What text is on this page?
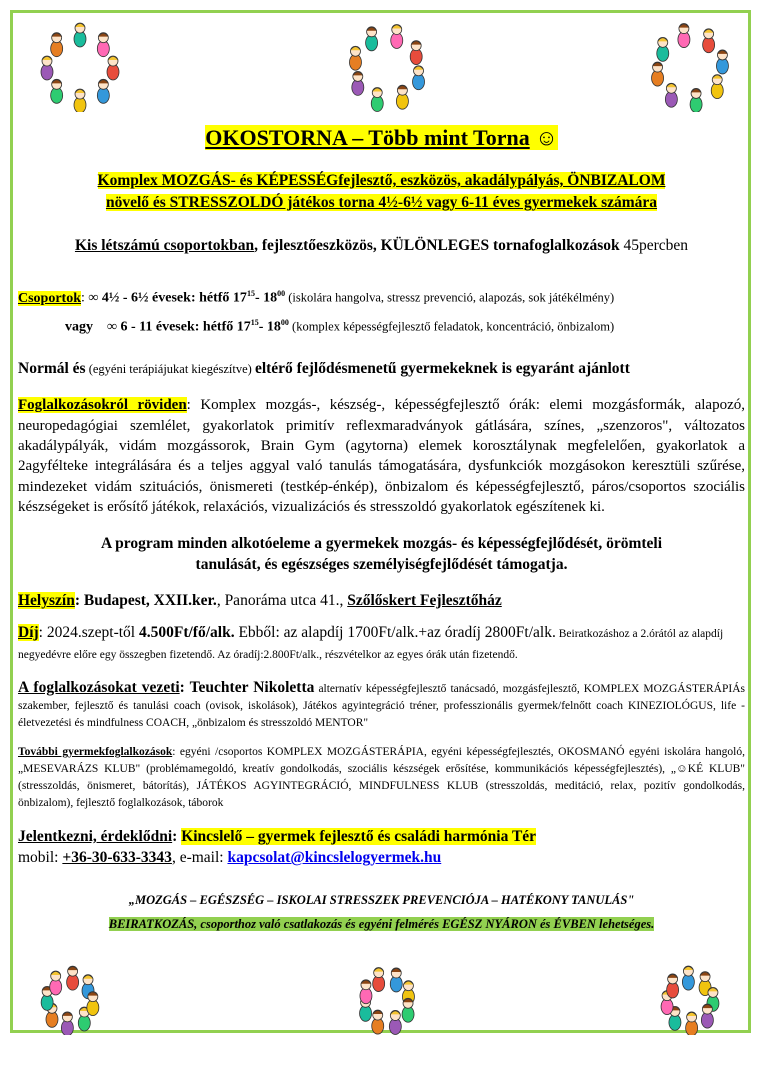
OKOSTORNA – Több mint Torna ☺

Komplex MOZGÁS- és KÉPESSÉGfejlesztő, eszközös, akadálypályás, ÖNBIZALOM
növelő és STRESSZOLDÓ játékos torna 4½-6½ vagy 6-11 éves gyermekek számára

Kis létszámú csoportokban, fejlesztőeszközös, KÜLÖNLEGES tornafoglalkozások 45percben

Csoportok: ∞ 4½ - 6½ évesek: hétfő $17^{15}-$ $18^{00}$ (iskolára hangolva, stressz prevenció, alapozás, sok játékélmény)

vagy ∞ 6 - 11 évesek: hétfő $17^{15}-$ $18^{00}$ (komplex képességfejlesztő feladatok, koncentráció, önbizalom)

Normál és (egyéni terápiájukat kiegészítve) eltérő fejlődésmenetű gyermekeknek is egyaránt ajánlott

Foglalkozásokról röviden: Komplex mozgás-, készség-, képességfejlesztő órák: elemi mozgásformák, alapozó, neuropedagógiai szemlélet, gyakorlatok primitív reflexmaradványok gátlására, színes, „szenzoros", változatos akadálypályák, vidám mozgássorok, Brain Gym (agytorna) elemek korosztálynak megfelelően, gyakorlatok a 2agyfélteke integrálására és a teljes aggyal való tanulás támogatására, dysfunkciók mozgásokon keresztüli szűrése, mindezeket vidám szituációs, önismereti (testkép-énkép), önbizalom és képességfejlesztő, páros/csoportos szociális készségeket is erősítő játékok, relaxációs, vizualizációs és stresszoldó gyakorlatok egészítenek ki.

A program minden alkotóeleme a gyermekek mozgás- és képességfejlődését, örömteli
tanulását, és egészséges személyiségfejlődését támogatja.

Helyszín: Budapest, XXII.ker., Panoráma utca 41., Szőlőskert Fejlesztőház

Díj: 2024.szept-től 4.500Ft/fő/alk. Ebből: az alapdíj 1700Ft/alk.+az óradíj 2800Ft/alk. Beiratkozáshoz a 2.órától az alapdíj negyedévre előre egy összegben fizetendő. Az óradíj:2.800Ft/alk., részvételkor az egyes órák után fizetendő.

A foglalkozásokat vezeti: Teuchter Nikoletta alternatív képességfejlesztő tanácsadó, mozgásfejlesztő, KOMPLEX MOZGÁSTERÁPIÁs szakember, fejlesztő és tanulási coach (ovisok, iskolások), Játékos agyintegráció tréner, professzionális gyermek/felnőtt coach KINEZIOLÓGUS, life - életvezetési és mindfulness COACH, „önbizalom és stresszoldó MENTOR"

További gyermekfoglalkozások: egyéni /csoportos KOMPLEX MOZGÁSTERÁPIA, egyéni képességfejlesztés, OKOSMANÓ egyéni iskolára hangoló, „MESEVARÁZS KLUB" (problémamegoldó, kreatív gondolkodás, szociális készségek erősítése, kommunikációs képességfejlesztés), „☺KÉ KLUB" (stresszoldás, önismeret, bátorítás), JÁTÉKOS AGYINTEGRÁCIÓ, MINDFULNESS KLUB (stresszoldás, meditáció, relax, pozitív gondolkodás, önbizalom), fejlesztő foglalkozások, táborok

Jelentkezni, érdeklődni: Kincslelő – gyermek fejlesztő és családi harmónia Tér
mobil: +36-30-633-3343, e-mail: kapcsolat@kincslelogyermek.hu

„MOZGÁS – EGÉSZSÉG – ISKOLAI STRESSZEK PREVENCIÓJA – HATÉKONY TANULÁS"

BEIRATKOZÁS, csoporthoz való csatlakozás és egyéni felmérés EGÉSZ NYÁRON és ÉVBEN lehetséges.
